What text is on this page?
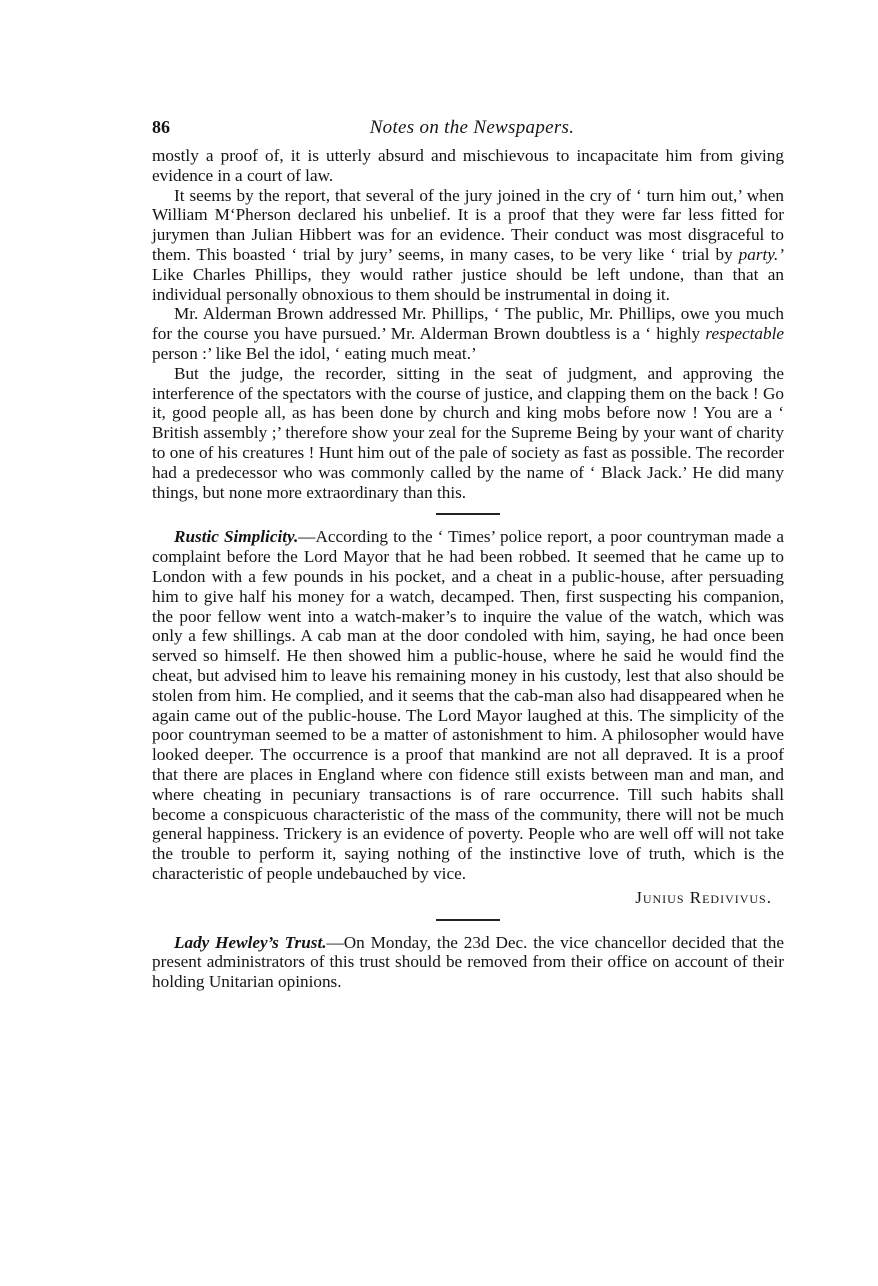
86	Notes on the Newspapers.

mostly a proof of, it is utterly absurd and mischievous to incapacitate him from giving evidence in a court of law.

It seems by the report, that several of the jury joined in the cry of ‘ turn him out,’ when William M‘Pherson declared his unbelief. It is a proof that they were far less fitted for jurymen than Julian Hibbert was for an evidence. Their conduct was most disgraceful to them. This boasted ‘ trial by jury’ seems, in many cases, to be very like ‘ trial by party.’ Like Charles Phillips, they would rather justice should be left undone, than that an individual personally obnoxious to them should be instrumental in doing it.

Mr. Alderman Brown addressed Mr. Phillips, ‘ The public, Mr. Phillips, owe you much for the course you have pursued.’ Mr. Alderman Brown doubtless is a ‘ highly respectable person :’ like Bel the idol, ‘ eating much meat.’

But the judge, the recorder, sitting in the seat of judgment, and approving the interference of the spectators with the course of justice, and clapping them on the back ! Go it, good people all, as has been done by church and king mobs before now ! You are a ‘ British assembly ;’ therefore show your zeal for the Supreme Being by your want of charity to one of his creatures ! Hunt him out of the pale of society as fast as possible. The recorder had a predecessor who was commonly called by the name of ‘ Black Jack.’ He did many things, but none more extraordinary than this.

Rustic Simplicity.—According to the ‘ Times’ police report, a poor countryman made a complaint before the Lord Mayor that he had been robbed. It seemed that he came up to London with a few pounds in his pocket, and a cheat in a public-house, after persuading him to give half his money for a watch, decamped. Then, first suspecting his companion, the poor fellow went into a watch-maker’s to inquire the value of the watch, which was only a few shillings. A cab man at the door condoled with him, saying, he had once been served so himself. He then showed him a public-house, where he said he would find the cheat, but advised him to leave his remaining money in his custody, lest that also should be stolen from him. He complied, and it seems that the cab-man also had disappeared when he again came out of the public-house. The Lord Mayor laughed at this. The simplicity of the poor countryman seemed to be a matter of astonishment to him. A philosopher would have looked deeper. The occurrence is a proof that mankind are not all depraved. It is a proof that there are places in England where con fidence still exists between man and man, and where cheating in pecuniary transactions is of rare occurrence. Till such habits shall become a conspicuous characteristic of the mass of the community, there will not be much general happiness. Trickery is an evidence of poverty. People who are well off will not take the trouble to perform it, saying nothing of the instinctive love of truth, which is the characteristic of people undebauched by vice.

Junius Redivivus.

Lady Hewley’s Trust.—On Monday, the 23d Dec. the vice chancellor decided that the present administrators of this trust should be removed from their office on account of their holding Unitarian opinions.
